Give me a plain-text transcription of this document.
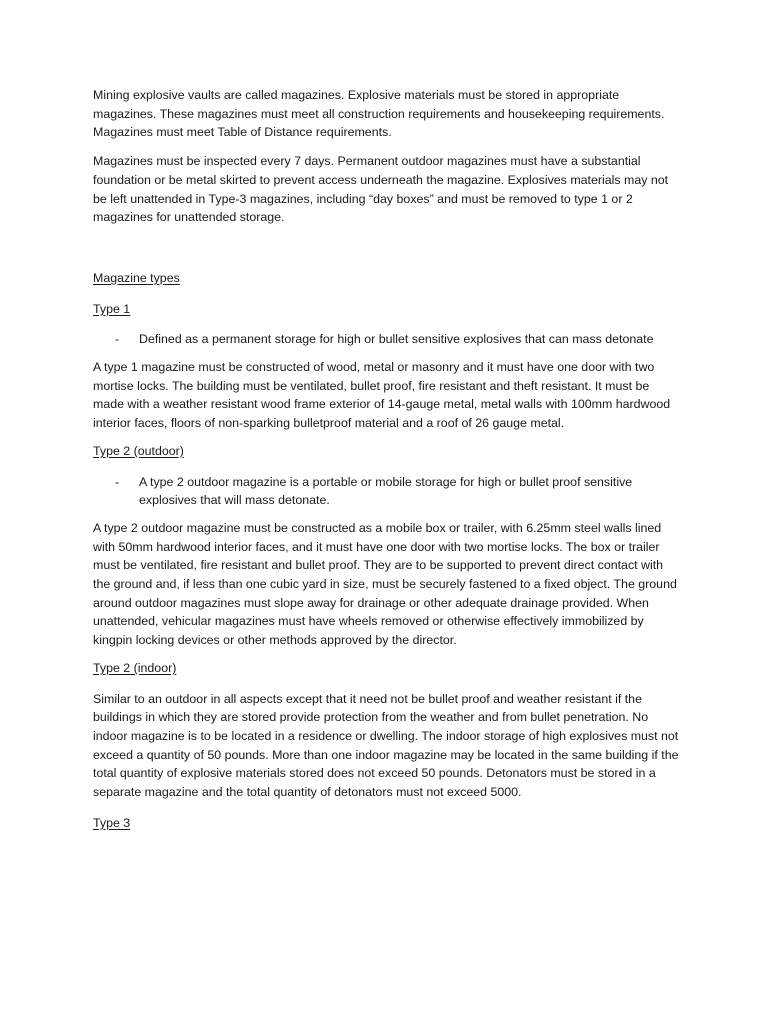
Mining explosive vaults are called magazines. Explosive materials must be stored in appropriate magazines. These magazines must meet all construction requirements and housekeeping requirements. Magazines must meet Table of Distance requirements.

Magazines must be inspected every 7 days. Permanent outdoor magazines must have a substantial foundation or be metal skirted to prevent access underneath the magazine. Explosives materials may not be left unattended in Type-3 magazines, including “day boxes” and must be removed to type 1 or 2 magazines for unattended storage.

Magazine types

Type 1

-	Defined as a permanent storage for high or bullet sensitive explosives that can mass detonate

A type 1 magazine must be constructed of wood, metal or masonry and it must have one door with two mortise locks. The building must be ventilated, bullet proof, fire resistant and theft resistant. It must be made with a weather resistant wood frame exterior of 14-gauge metal, metal walls with 100mm hardwood interior faces, floors of non-sparking bulletproof material and a roof of 26 gauge metal.

Type 2 (outdoor)

-	A type 2 outdoor magazine is a portable or mobile storage for high or bullet proof sensitive explosives that will mass detonate.

A type 2 outdoor magazine must be constructed as a mobile box or trailer, with 6.25mm steel walls lined with 50mm hardwood interior faces, and it must have one door with two mortise locks. The box or trailer must be ventilated, fire resistant and bullet proof. They are to be supported to prevent direct contact with the ground and, if less than one cubic yard in size, must be securely fastened to a fixed object. The ground around outdoor magazines must slope away for drainage or other adequate drainage provided. When unattended, vehicular magazines must have wheels removed or otherwise effectively immobilized by kingpin locking devices or other methods approved by the director.

Type 2 (indoor)

Similar to an outdoor in all aspects except that it need not be bullet proof and weather resistant if the buildings in which they are stored provide protection from the weather and from bullet penetration. No indoor magazine is to be located in a residence or dwelling. The indoor storage of high explosives must not exceed a quantity of 50 pounds. More than one indoor magazine may be located in the same building if the total quantity of explosive materials stored does not exceed 50 pounds. Detonators must be stored in a separate magazine and the total quantity of detonators must not exceed 5000.

Type 3
